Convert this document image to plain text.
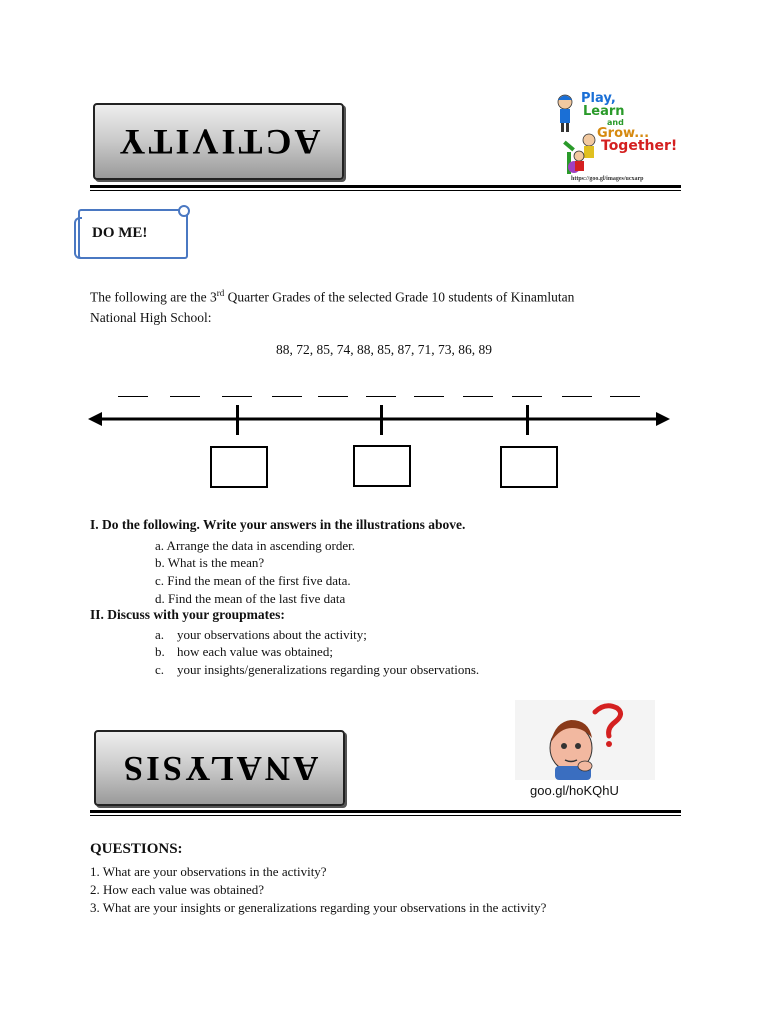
ACTIVITY
Play,
Learn
and
Grow...
Together!
https://goo.gl/images/ucxarp
DO ME!
The following are the 3rd Quarter Grades of the selected Grade 10 students of Kinamlutan
National High School:
88, 72, 85, 74, 88, 85, 87, 71, 73, 86, 89
I. Do the following. Write your answers in the illustrations above.
a. Arrange the data in ascending order.
b. What is the mean?
c. Find the mean of the first five data.
d. Find the mean of the last five data
II. Discuss with your groupmates:
a. your observations about the activity;
b. how each value was obtained;
c. your insights/generalizations regarding your observations.
ANALYSIS
goo.gl/hoKQhU
QUESTIONS:
1. What are your observations in the activity?
2. How each value was obtained?
3. What are your insights or generalizations regarding your observations in the activity?
